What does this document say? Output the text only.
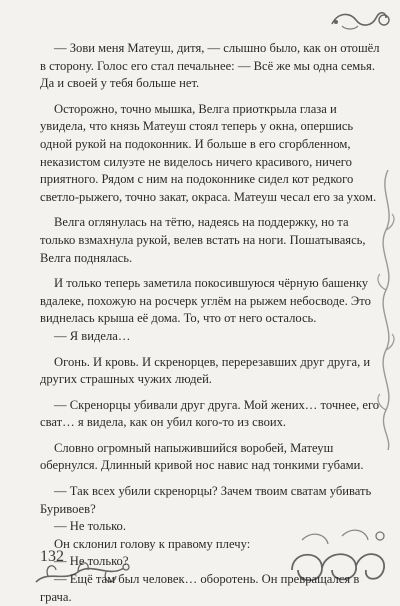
— Зови меня Матеуш, дитя, — слышно было, как он отошёл в сторону. Голос его стал печальнее: — Всё же мы одна семья. Да и своей у тебя больше нет.

Осторожно, точно мышка, Велга приоткрыла глаза и увидела, что князь Матеуш стоял теперь у окна, опершись одной рукой на подоконник. И больше в его сгорбленном, неказистом силуэте не виделось ничего красивого, ничего приятного. Рядом с ним на подоконнике сидел кот редкого светло-рыжего, точно закат, окраса. Матеуш чесал его за ухом.

Велга оглянулась на тётю, надеясь на поддержку, но та только взмахнула рукой, велев встать на ноги. Пошатываясь, Велга поднялась.

И только теперь заметила покосившуюся чёрную башенку вдалеке, похожую на росчерк углём на рыжем небосводе. Это виднелась крыша её дома. То, что от него осталось.

— Я видела…

Огонь. И кровь. И скренорцев, перерезавших друг друга, и других страшных чужих людей.

— Скренорцы убивали друг друга. Мой жених… точнее, его сват… я видела, как он убил кого-то из своих.

Словно огромный напыжившийся воробей, Матеуш обернулся. Длинный кривой нос навис над тонкими губами.

— Так всех убили скренорцы? Зачем твоим сватам убивать Буривоев?

— Не только.

Он склонил голову к правому плечу:

— Не только?

— Ещё там был человек… оборотень. Он превращался в грача.

132
